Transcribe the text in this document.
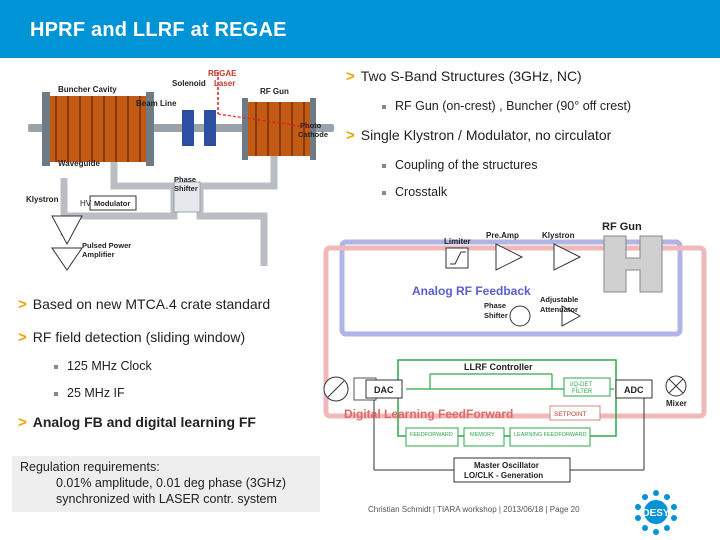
HPRF and LLRF at REGAE
REGAE
Laser
Buncher Cavity
Solenoid
RF Gun
Beam Line
Photo
Cathode
Waveguide
Phase
Shifter
Klystron	HV Modulator
Pulsed Power
Amplifier
> Two S-Band Structures (3GHz, NC)
RF Gun (on-crest) , Buncher (90° off crest)
> Single Klystron / Modulator, no circulator
Coupling of the structures
Crosstalk
Limiter
Pre.Amp	Klystron
RF Gun
Analog RF Feedback
Phase
Shifter
Adjustable
Attenuator
LLRF Controller
DAC	ADC
Mixer
I/Q-DET
FILTER
SETPOINT
Digital Learning FeedForward
FEEDFORWARD	MEMORY	LEARNING FEEDFORWARD
Master Oscillator
LO/CLK - Generation
> Based on new MTCA.4 crate standard
> RF field detection (sliding window)
125 MHz Clock
25 MHz IF
> Analog FB and digital learning FF
Regulation requirements:
0.01% amplitude, 0.01 deg phase (3GHz)
synchronized with LASER contr. system
Christian Schmidt | TIARA workshop | 2013/06/18 | Page 20	DESY
